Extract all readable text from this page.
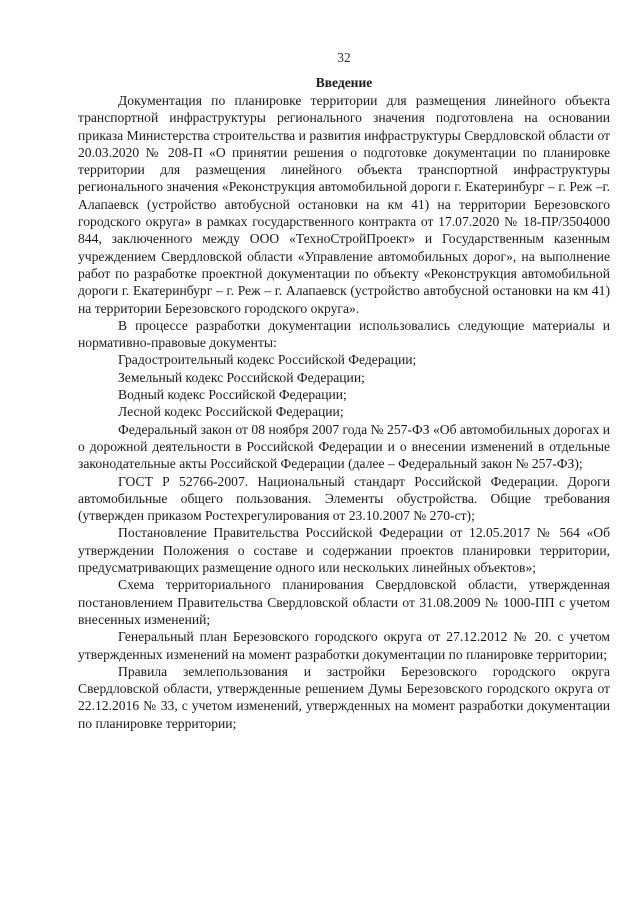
32
Введение

Документация по планировке территории для размещения линейного объекта транспортной инфраструктуры регионального значения подготовлена на основании приказа Министерства строительства и развития инфраструктуры Свердловской области от 20.03.2020 № 208-П «О принятии решения о подготовке документации по планировке территории для размещения линейного объекта транспортной инфраструктуры регионального значения «Реконструкция автомобильной дороги г. Екатеринбург – г. Реж –г. Алапаевск (устройство автобусной остановки на км 41) на территории Березовского городского округа» в рамках государственного контракта от 17.07.2020 № 18-ПР/3504000 844, заключенного между ООО «ТехноСтройПроект» и Государственным казенным учреждением Свердловской области «Управление автомобильных дорог», на выполнение работ по разработке проектной документации по объекту «Реконструкция автомобильной дороги г. Екатеринбург – г. Реж – г. Алапаевск (устройство автобусной остановки на км 41) на территории Березовского городского округа».

В процессе разработки документации использовались следующие материалы и нормативно-правовые документы:

Градостроительный кодекс Российской Федерации;

Земельный кодекс Российской Федерации;

Водный кодекс Российской Федерации;

Лесной кодекс Российской Федерации;

Федеральный закон от 08 ноября 2007 года № 257-ФЗ «Об автомобильных дорогах и о дорожной деятельности в Российской Федерации и о внесении изменений в отдельные законодательные акты Российской Федерации (далее – Федеральный закон № 257-ФЗ);

ГОСТ Р 52766-2007. Национальный стандарт Российской Федерации. Дороги автомобильные общего пользования. Элементы обустройства. Общие требования (утвержден приказом Ростехрегулирования от 23.10.2007 № 270-ст);

Постановление Правительства Российской Федерации от 12.05.2017 № 564 «Об утверждении Положения о составе и содержании проектов планировки территории, предусматривающих размещение одного или нескольких линейных объектов»;

Схема территориального планирования Свердловской области, утвержденная постановлением Правительства Свердловской области от 31.08.2009 № 1000-ПП с учетом внесенных изменений;

Генеральный план Березовского городского округа от 27.12.2012 № 20. с учетом утвержденных изменений на момент разработки документации по планировке территории;

Правила землепользования и застройки Березовского городского округа Свердловской области, утвержденные решением Думы Березовского городского округа от 22.12.2016 № 33, с учетом изменений, утвержденных на момент разработки документации по планировке территории;
